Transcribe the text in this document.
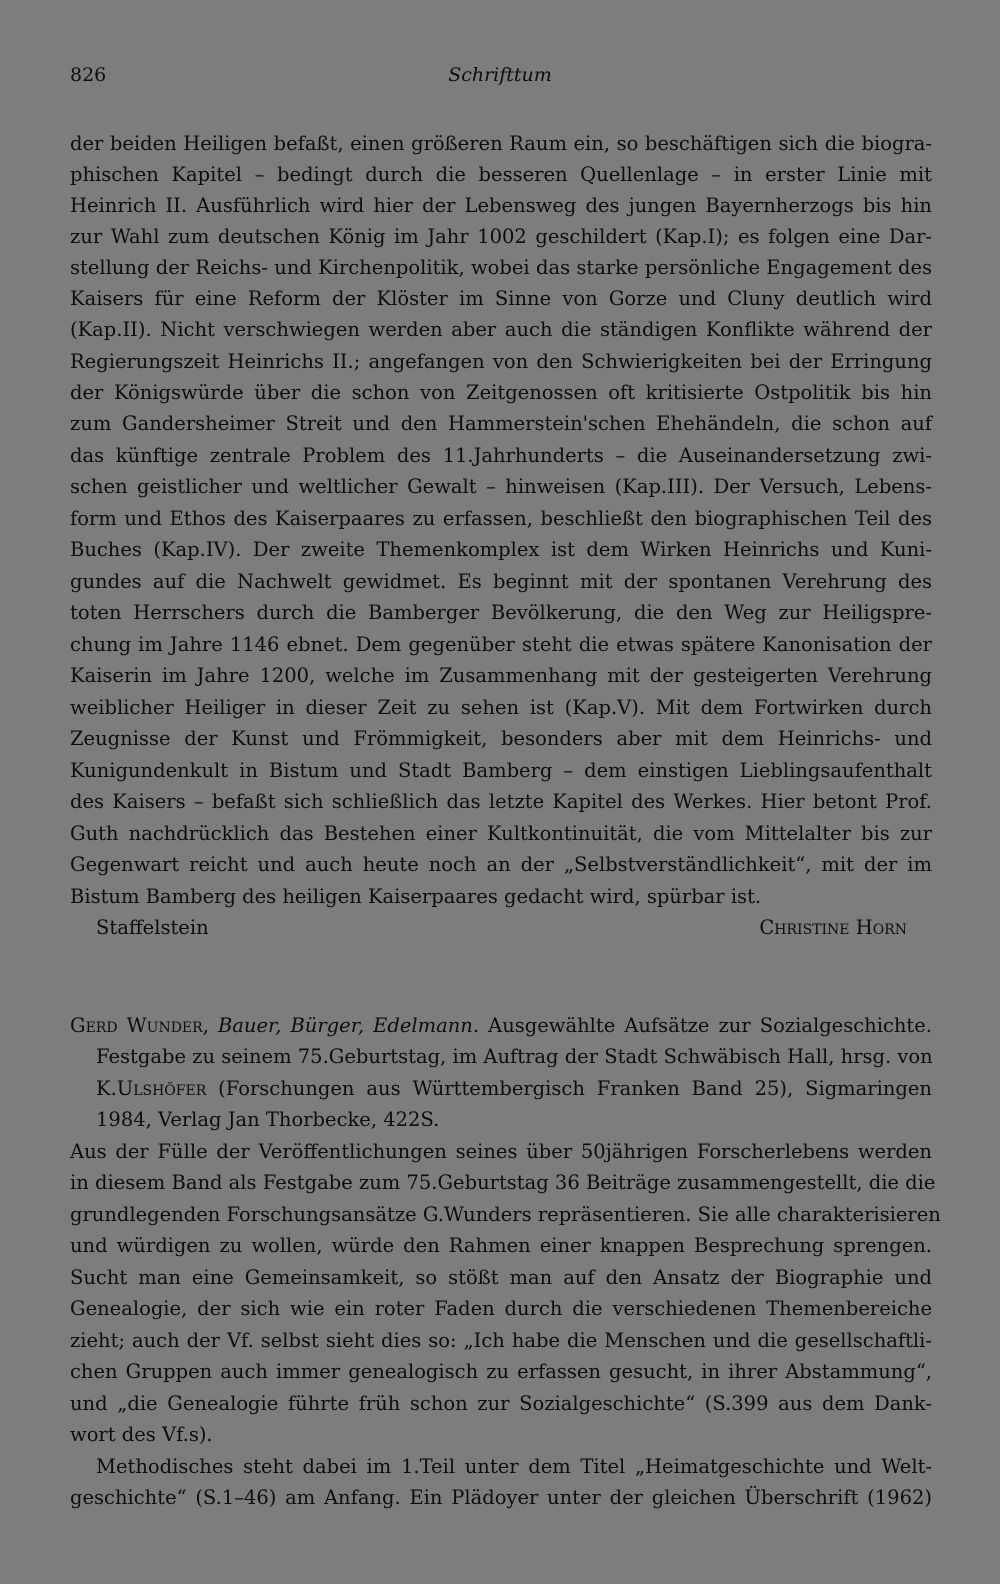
826	Schrifttum
der beiden Heiligen befaßt, einen größeren Raum ein, so beschäftigen sich die biogra-
phischen Kapitel – bedingt durch die besseren Quellenlage – in erster Linie mit
Heinrich II. Ausführlich wird hier der Lebensweg des jungen Bayernherzogs bis hin
zur Wahl zum deutschen König im Jahr 1002 geschildert (Kap.I); es folgen eine Dar-
stellung der Reichs- und Kirchenpolitik, wobei das starke persönliche Engagement des
Kaisers für eine Reform der Klöster im Sinne von Gorze und Cluny deutlich wird
(Kap.II). Nicht verschwiegen werden aber auch die ständigen Konflikte während der
Regierungszeit Heinrichs II.; angefangen von den Schwierigkeiten bei der Erringung
der Königswürde über die schon von Zeitgenossen oft kritisierte Ostpolitik bis hin
zum Gandersheimer Streit und den Hammerstein'schen Ehehändeln, die schon auf
das künftige zentrale Problem des 11.Jahrhunderts – die Auseinandersetzung zwi-
schen geistlicher und weltlicher Gewalt – hinweisen (Kap.III). Der Versuch, Lebens-
form und Ethos des Kaiserpaares zu erfassen, beschließt den biographischen Teil des
Buches (Kap.IV). Der zweite Themenkomplex ist dem Wirken Heinrichs und Kuni-
gundes auf die Nachwelt gewidmet. Es beginnt mit der spontanen Verehrung des
toten Herrschers durch die Bamberger Bevölkerung, die den Weg zur Heiligspre-
chung im Jahre 1146 ebnet. Dem gegenüber steht die etwas spätere Kanonisation der
Kaiserin im Jahre 1200, welche im Zusammenhang mit der gesteigerten Verehrung
weiblicher Heiliger in dieser Zeit zu sehen ist (Kap.V). Mit dem Fortwirken durch
Zeugnisse der Kunst und Frömmigkeit, besonders aber mit dem Heinrichs- und
Kunigundenkult in Bistum und Stadt Bamberg – dem einstigen Lieblingsaufenthalt
des Kaisers – befaßt sich schließlich das letzte Kapitel des Werkes. Hier betont Prof.
Guth nachdrücklich das Bestehen einer Kultkontinuität, die vom Mittelalter bis zur
Gegenwart reicht und auch heute noch an der „Selbstverständlichkeit“, mit der im
Bistum Bamberg des heiligen Kaiserpaares gedacht wird, spürbar ist.
Staffelstein	Christine Horn
Gerd Wunder, Bauer, Bürger, Edelmann. Ausgewählte Aufsätze zur Sozialgeschichte.
Festgabe zu seinem 75.Geburtstag, im Auftrag der Stadt Schwäbisch Hall, hrsg. von
K.Ulshöfer (Forschungen aus Württembergisch Franken Band 25), Sigmaringen
1984, Verlag Jan Thorbecke, 422S.
Aus der Fülle der Veröffentlichungen seines über 50jährigen Forscherlebens werden
in diesem Band als Festgabe zum 75.Geburtstag 36 Beiträge zusammengestellt, die die
grundlegenden Forschungsansätze G.Wunders repräsentieren. Sie alle charakterisieren
und würdigen zu wollen, würde den Rahmen einer knappen Besprechung sprengen.
Sucht man eine Gemeinsamkeit, so stößt man auf den Ansatz der Biographie und
Genealogie, der sich wie ein roter Faden durch die verschiedenen Themenbereiche
zieht; auch der Vf. selbst sieht dies so: „Ich habe die Menschen und die gesellschaftli-
chen Gruppen auch immer genealogisch zu erfassen gesucht, in ihrer Abstammung“,
und „die Genealogie führte früh schon zur Sozialgeschichte“ (S.399 aus dem Dank-
wort des Vf.s).
Methodisches steht dabei im 1.Teil unter dem Titel „Heimatgeschichte und Welt-
geschichte“ (S.1–46) am Anfang. Ein Plädoyer unter der gleichen Überschrift (1962)
